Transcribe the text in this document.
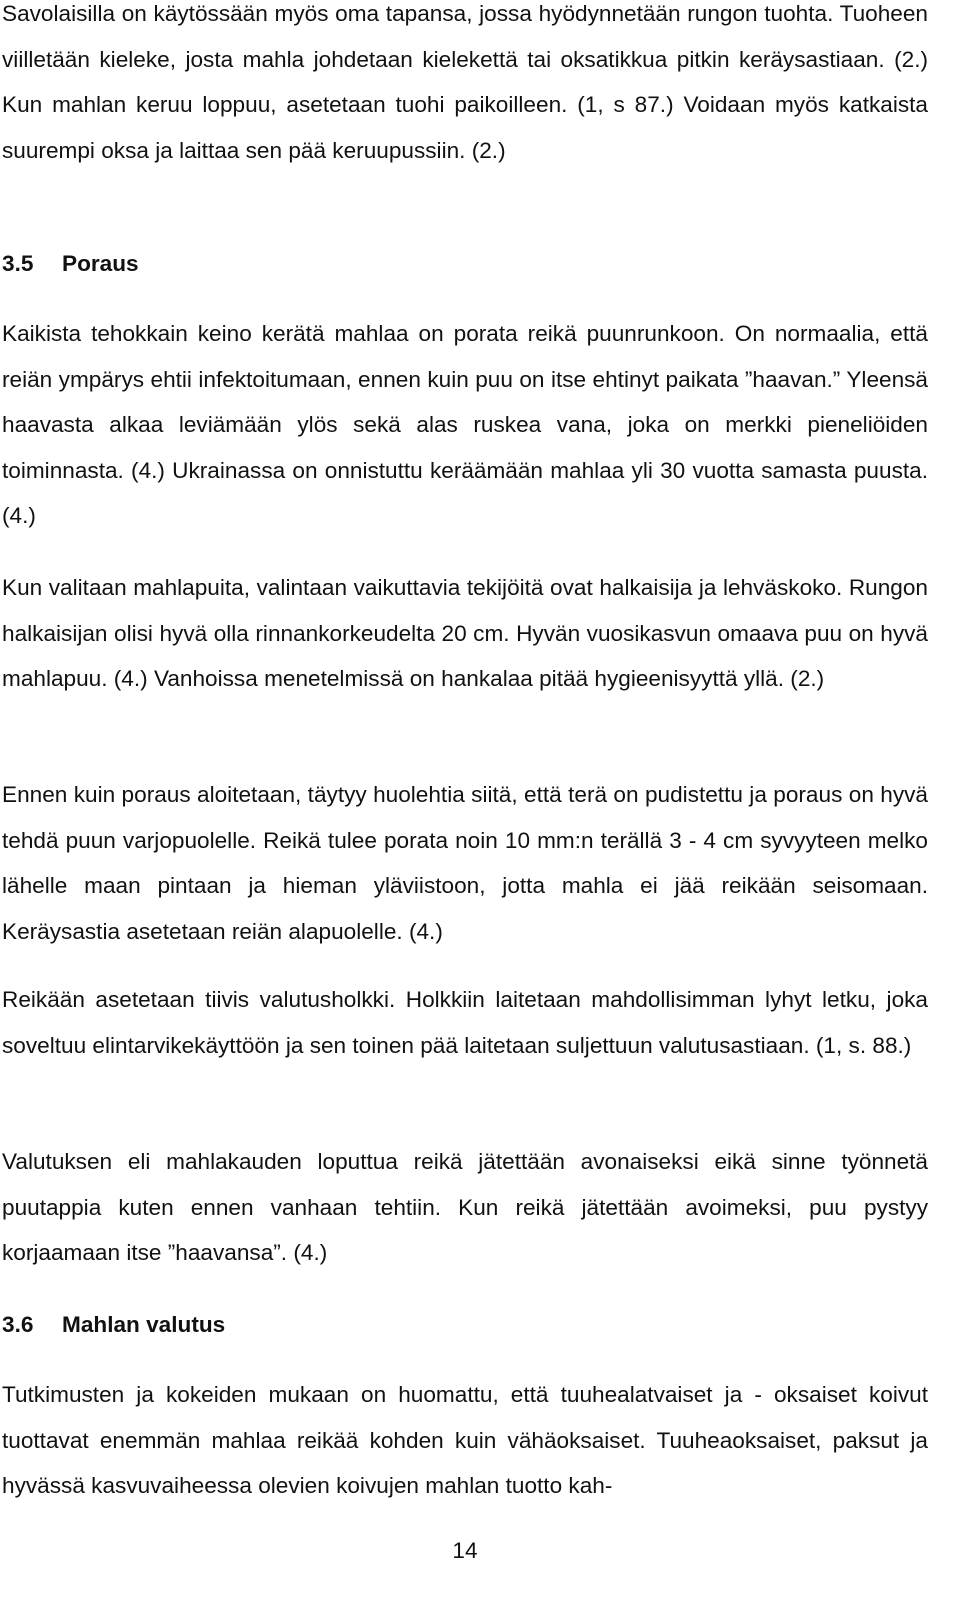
Savolaisilla on käytössään myös oma tapansa, jossa hyödynnetään rungon tuohta. Tuoheen viilletään kieleke, josta mahla johdetaan kielekettä tai oksatikkua pitkin keräysastiaan. (2.) Kun mahlan keruu loppuu, asetetaan tuohi paikoilleen. (1, s 87.) Voidaan myös katkaista suurempi oksa ja laittaa sen pää keruupussiin. (2.)

3.5 Poraus

Kaikista tehokkain keino kerätä mahlaa on porata reikä puunrunkoon. On normaalia, että reiän ympärys ehtii infektoitumaan, ennen kuin puu on itse ehtinyt paikata ”haavan.” Yleensä haavasta alkaa leviämään ylös sekä alas ruskea vana, joka on merkki pieneliöiden toiminnasta. (4.) Ukrainassa on onnistuttu keräämään mahlaa yli 30 vuotta samasta puusta. (4.)

Kun valitaan mahlapuita, valintaan vaikuttavia tekijöitä ovat halkaisija ja lehväskoko. Rungon halkaisijan olisi hyvä olla rinnankorkeudelta 20 cm. Hyvän vuosikasvun omaava puu on hyvä mahlapuu. (4.) Vanhoissa menetelmissä on hankalaa pitää hygieenisyyttä yllä. (2.)

Ennen kuin poraus aloitetaan, täytyy huolehtia siitä, että terä on pudistettu ja poraus on hyvä tehdä puun varjopuolelle. Reikä tulee porata noin 10 mm:n terällä 3 - 4 cm syvyyteen melko lähelle maan pintaan ja hieman yläviistoon, jotta mahla ei jää reikään seisomaan. Keräysastia asetetaan reiän alapuolelle. (4.)

Reikään asetetaan tiivis valutusholkki. Holkkiin laitetaan mahdollisimman lyhyt letku, joka soveltuu elintarvikekäyttöön ja sen toinen pää laitetaan suljettuun valutusastiaan. (1, s. 88.)

Valutuksen eli mahlakauden loputtua reikä jätettään avonaiseksi eikä sinne työnnetä puutappia kuten ennen vanhaan tehtiin. Kun reikä jätettään avoimeksi, puu pystyy korjaamaan itse ”haavansa”. (4.)

3.6 Mahlan valutus

Tutkimusten ja kokeiden mukaan on huomattu, että tuuhealatvaiset ja - oksaiset koivut tuottavat enemmän mahlaa reikää kohden kuin vähäoksaiset. Tuuheaoksaiset, paksut ja hyvässä kasvuvaiheessa olevien koivujen mahlan tuotto kah-

14
